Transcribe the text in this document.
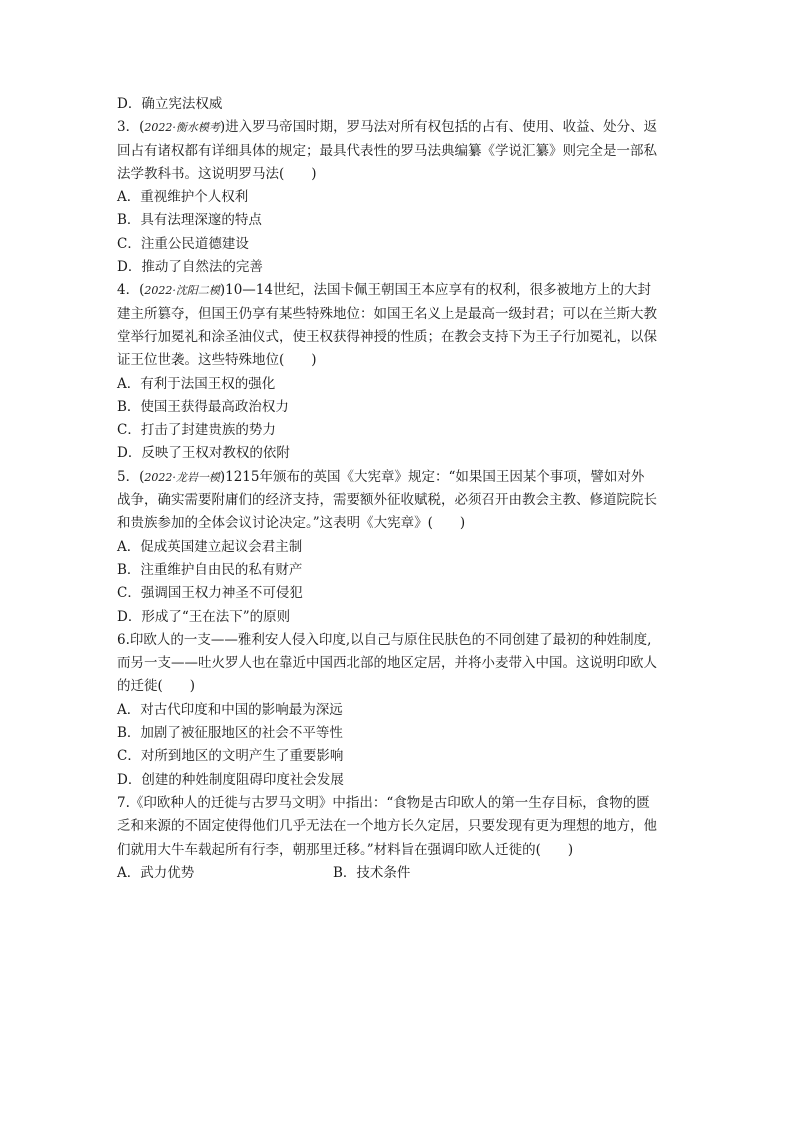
D．确立宪法权威
3．(2022·衡水模考)进入罗马帝国时期，罗马法对所有权包括的占有、使用、收益、处分、返
回占有诸权都有详细具体的规定；最具代表性的罗马法典编纂《学说汇纂》则完全是一部私
法学教科书。这说明罗马法(　　)
A．重视维护个人权利
B．具有法理深邃的特点
C．注重公民道德建设
D．推动了自然法的完善
4．(2022·沈阳二模)10—14世纪，法国卡佩王朝国王本应享有的权利，很多被地方上的大封
建主所篡夺，但国王仍享有某些特殊地位：如国王名义上是最高一级封君；可以在兰斯大教
堂举行加冕礼和涂圣油仪式，使王权获得神授的性质；在教会支持下为王子行加冕礼，以保
证王位世袭。这些特殊地位(　　)
A．有利于法国王权的强化
B．使国王获得最高政治权力
C．打击了封建贵族的势力
D．反映了王权对教权的依附
5．(2022·龙岩一模)1215年颁布的英国《大宪章》规定：“如果国王因某个事项，譬如对外
战争，确实需要附庸们的经济支持，需要额外征收赋税，必须召开由教会主教、修道院院长
和贵族参加的全体会议讨论决定。”这表明《大宪章》(　　)
A．促成英国建立起议会君主制
B．注重维护自由民的私有财产
C．强调国王权力神圣不可侵犯
D．形成了“王在法下”的原则
6.印欧人的一支——雅利安人侵入印度,以自己与原住民肤色的不同创建了最初的种姓制度,
而另一支——吐火罗人也在靠近中国西北部的地区定居，并将小麦带入中国。这说明印欧人
的迁徙(　　)
A．对古代印度和中国的影响最为深远
B．加剧了被征服地区的社会不平等性
C．对所到地区的文明产生了重要影响
D．创建的种姓制度阻碍印度社会发展
7.《印欧种人的迁徙与古罗马文明》中指出：“食物是古印欧人的第一生存目标，食物的匮
乏和来源的不固定使得他们几乎无法在一个地方长久定居，只要发现有更为理想的地方，他
们就用大牛车载起所有行李，朝那里迁移。”材料旨在强调印欧人迁徙的(　　)
A．武力优势	B．技术条件
